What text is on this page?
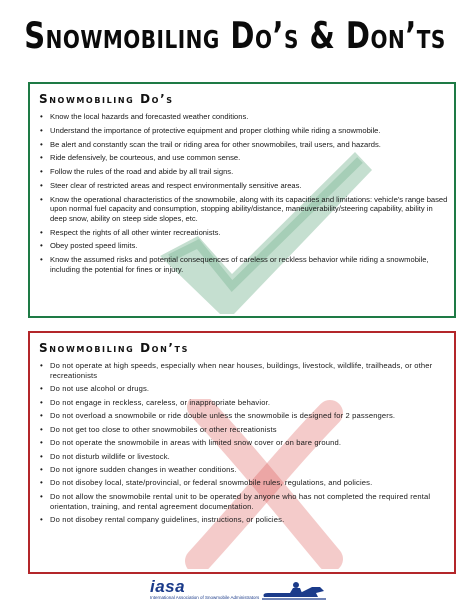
Snowmobiling Do’s & Don’ts
Snowmobiling Do’s
• Know the local hazards and forecasted weather conditions.
• Understand the importance of protective equipment and proper clothing while riding a snowmobile.
• Be alert and constantly scan the trail or riding area for other snowmobiles, trail users, and hazards.
• Ride defensively, be courteous, and use common sense.
• Follow the rules of the road and abide by all trail signs.
• Steer clear of restricted areas and respect environmentally sensitive areas.
• Know the operational characteristics of the snowmobile, along with its capacities and limitations: vehicle's range based upon normal fuel capacity and consumption, stopping ability/distance, maneuverability/steering capability, ability in deep snow, ability on steep side slopes, etc.
• Respect the rights of all other winter recreationists.
• Obey posted speed limits.
• Know the assumed risks and potential consequences of careless or reckless behavior while riding a snowmobile, including the potential for fines or injury.
Snowmobiling Don’ts
• Do not operate at high speeds, especially when near houses, buildings, livestock, wildlife, trailheads, or other recreationists
• Do not use alcohol or drugs.
• Do not engage in reckless, careless, or inappropriate behavior.
• Do not overload a snowmobile or ride double unless the snowmobile is designed for 2 passengers.
• Do not get too close to other snowmobiles or other recreationists
• Do not operate the snowmobile in areas with limited snow cover or on bare ground.
• Do not disturb wildlife or livestock.
• Do not ignore sudden changes in weather conditions.
• Do not disobey local, state/provincial, or federal snowmobile rules, regulations, and policies.
• Do not allow the snowmobile rental unit to be operated by anyone who has not completed the required rental orientation, training, and rental agreement documentation.
• Do not disobey rental company guidelines, instructions, or policies.
iasa
International Association of Snowmobile Administrators
